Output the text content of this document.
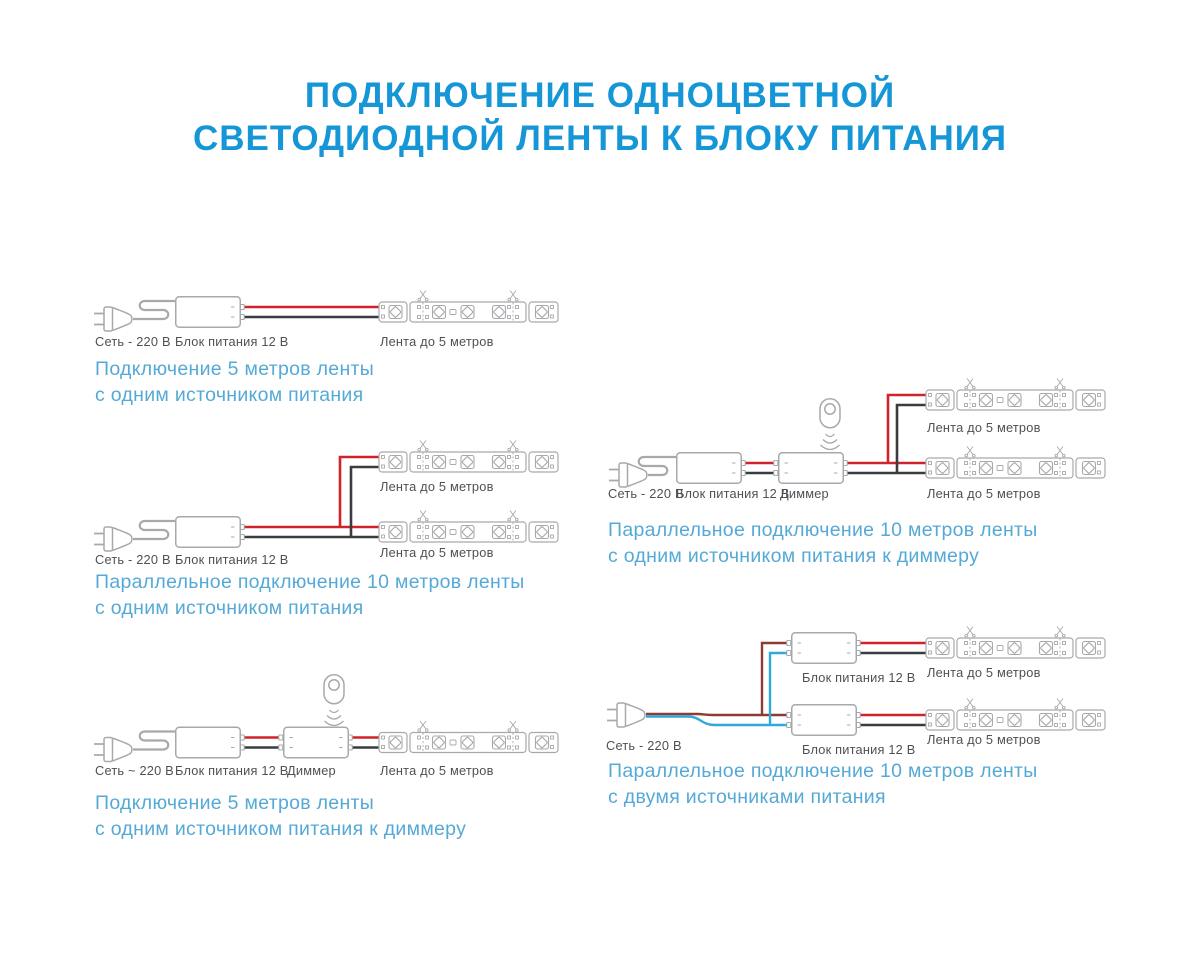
ПОДКЛЮЧЕНИЕ ОДНОЦВЕТНОЙ
СВЕТОДИОДНОЙ ЛЕНТЫ К БЛОКУ ПИТАНИЯ
Сеть - 220 В Блок питания 12 В	Лента до 5 метров
Подключение 5 метров ленты
с одним источником питания
Лента до 5 метров
Сеть - 220 В Блок питания 12 В	Лента до 5 метров
Параллельное подключение 10 метров ленты
с одним источником питания
Сеть ~ 220 В Блок питания 12 В
Диммер	Лента до 5 метров
Подключение 5 метров ленты
с одним источником питания к диммеру
Лента до 5 метров
Сеть - 220 В
Блок питания 12 В
Диммер	Лента до 5 метров
Параллельное подключение 10 метров ленты
с одним источником питания к диммеру
Лента до 5 метров
Блок питания 12 В
Сеть - 220 В	Лента до 5 метров
Блок питания 12 В
Параллельное подключение 10 метров ленты
с двумя источниками питания
